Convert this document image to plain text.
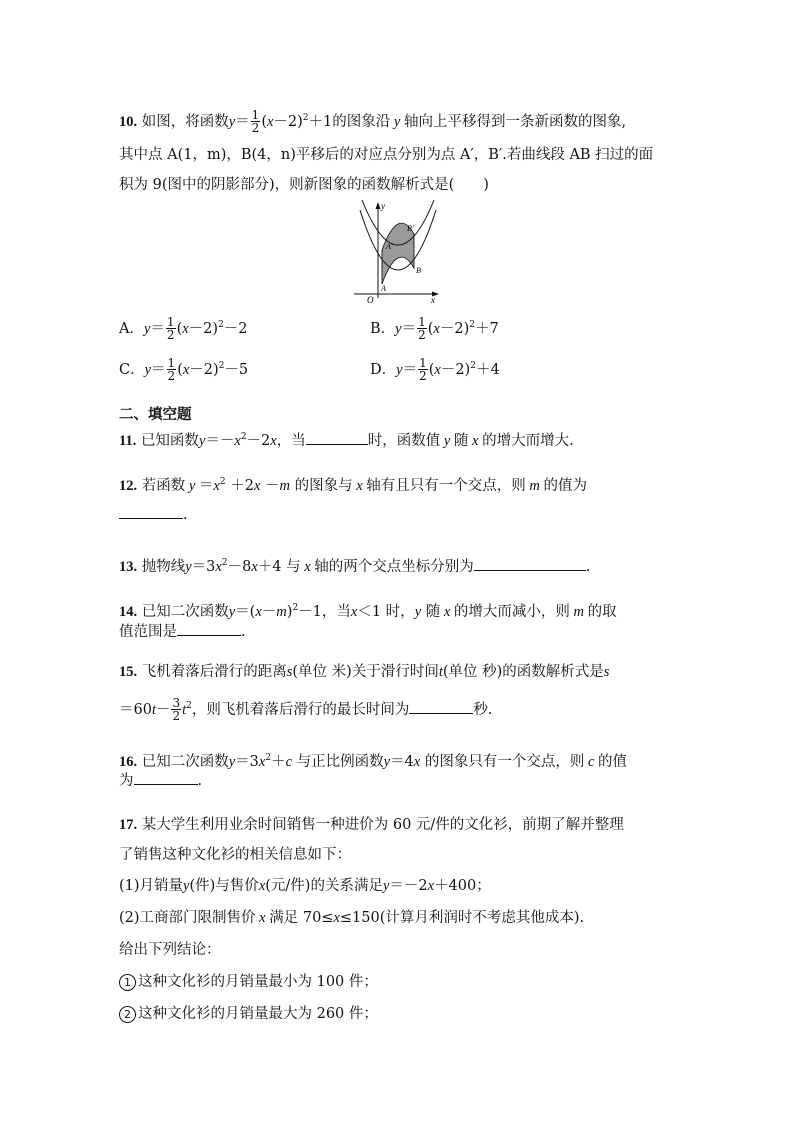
10. 如图，将函数$y= \frac{1}{2} (x-2)^2+1$的图象沿 y 轴向上平移得到一条新函数的图象,
其中点 A(1，m)，B(4，n)平移后的对应点分别为点 A′，B′.若曲线段 AB 扫过的面
积为 9(图中的阴影部分)，则新图象的函数解析式是(　　)
y
x
O
A
B
A′
B′
A．$y= \frac{1}{2} (x-2)^2-2$	B．$y= \frac{1}{2} (x-2)^2+7$
C．$y= \frac{1}{2} (x-2)^2-5$	D．$y= \frac{1}{2} (x-2)^2+4$
二、填空题
11. 已知函数$y=-x^2-2x$，当	时，函数值 y 随 x 的增大而增大.
12. 若函数 $y =x^2 +2x -m$ 的图象与 x 轴有且只有一个交点，则 m 的值为
.
13. 抛物线$y=3x^2-8x+4$ 与 x 轴的两个交点坐标分别为	.
14. 已知二次函数$y=(x-m)^2-1$，当x＜1 时，y 随 x 的增大而减小，则 m 的取
值范围是	.
15. 飞机着落后滑行的距离s(单位 米)关于滑行时间t(单位 秒)的函数解析式是s
$=60t- \frac{3}{2} t^2$，则飞机着落后滑行的最长时间为	秒.
16. 已知二次函数$y=3x^2+c$ 与正比例函数y＝4x 的图象只有一个交点，则 c 的值
为	.
17. 某大学生利用业余时间销售一种进价为 60 元/件的文化衫，前期了解并整理
了销售这种文化衫的相关信息如下：
(1)月销量y(件)与售价x(元/件)的关系满足y＝－2x＋400；
(2)工商部门限制售价 x 满足 70≤x≤150(计算月利润时不考虑其他成本).
给出下列结论：
1 这种文化衫的月销量最小为 100 件；
2 这种文化衫的月销量最大为 260 件；
